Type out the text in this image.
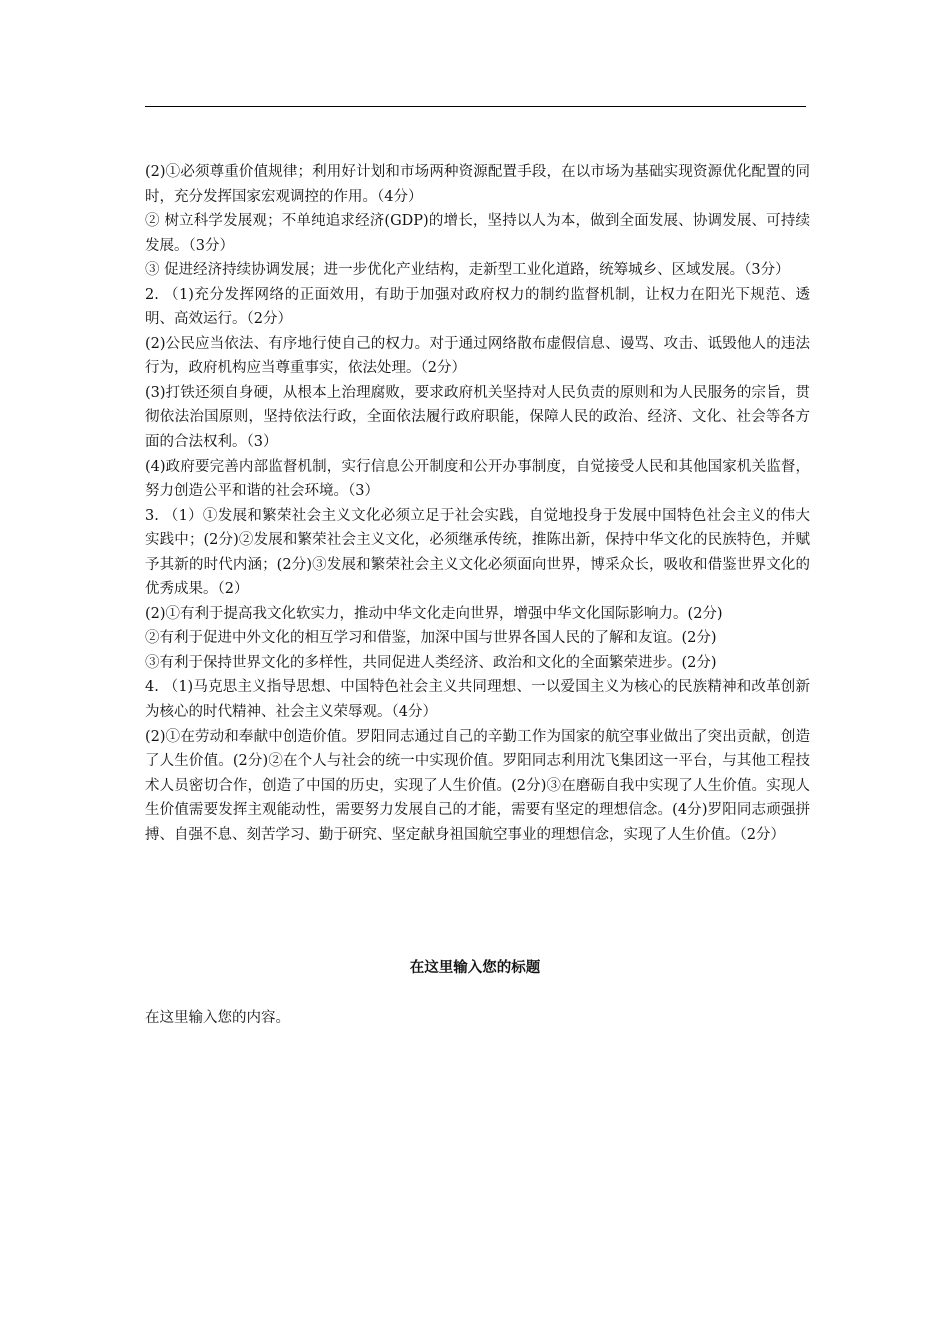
(2)①必须尊重价值规律；利用好计划和市场两种资源配置手段，在以市场为基础实现资源优化配置的同时，充分发挥国家宏观调控的作用。（4分）

② 树立科学发展观；不单纯追求经济(GDP)的增长，坚持以人为本，做到全面发展、协调发展、可持续发展。（3分）

③ 促进经济持续协调发展；进一步优化产业结构，走新型工业化道路，统筹城乡、区域发展。（3分）

2. （1)充分发挥网络的正面效用，有助于加强对政府权力的制约监督机制，让权力在阳光下规范、透明、高效运行。（2分）

(2)公民应当依法、有序地行使自己的权力。对于通过网络散布虚假信息、谩骂、攻击、诋毁他人的违法行为，政府机构应当尊重事实，依法处理。（2分）

(3)打铁还须自身硬，从根本上治理腐败，要求政府机关坚持对人民负责的原则和为人民服务的宗旨，贯彻依法治国原则，坚持依法行政，全面依法履行政府职能，保障人民的政治、经济、文化、社会等各方面的合法权利。（3）

(4)政府要完善内部监督机制，实行信息公开制度和公开办事制度，自觉接受人民和其他国家机关监督，努力创造公平和谐的社会环境。（3）

3. （1）①发展和繁荣社会主义文化必须立足于社会实践，自觉地投身于发展中国特色社会主义的伟大实践中；(2分)②发展和繁荣社会主义文化，必须继承传统，推陈出新，保持中华文化的民族特色，并赋予其新的时代内涵；(2分)③发展和繁荣社会主义文化必须面向世界，博采众长，吸收和借鉴世界文化的优秀成果。（2）

(2)①有利于提高我文化软实力，推动中华文化走向世界，增强中华文化国际影响力。(2分)

②有利于促进中外文化的相互学习和借鉴，加深中国与世界各国人民的了解和友谊。(2分)

③有利于保持世界文化的多样性，共同促进人类经济、政治和文化的全面繁荣进步。(2分)

4. （1)马克思主义指导思想、中国特色社会主义共同理想、一以爱国主义为核心的民族精神和改革创新为核心的时代精神、社会主义荣辱观。（4分）

(2)①在劳动和奉献中创造价值。罗阳同志通过自己的辛勤工作为国家的航空事业做出了突出贡献，创造了人生价值。(2分)②在个人与社会的统一中实现价值。罗阳同志利用沈飞集团这一平台，与其他工程技术人员密切合作，创造了中国的历史，实现了人生价值。(2分)③在磨砺自我中实现了人生价值。实现人生价值需要发挥主观能动性，需要努力发展自己的才能，需要有坚定的理想信念。(4分)罗阳同志顽强拼搏、自强不息、刻苦学习、勤于研究、坚定献身祖国航空事业的理想信念，实现了人生价值。（2分）

在这里输入您的标题
在这里输入您的内容。
